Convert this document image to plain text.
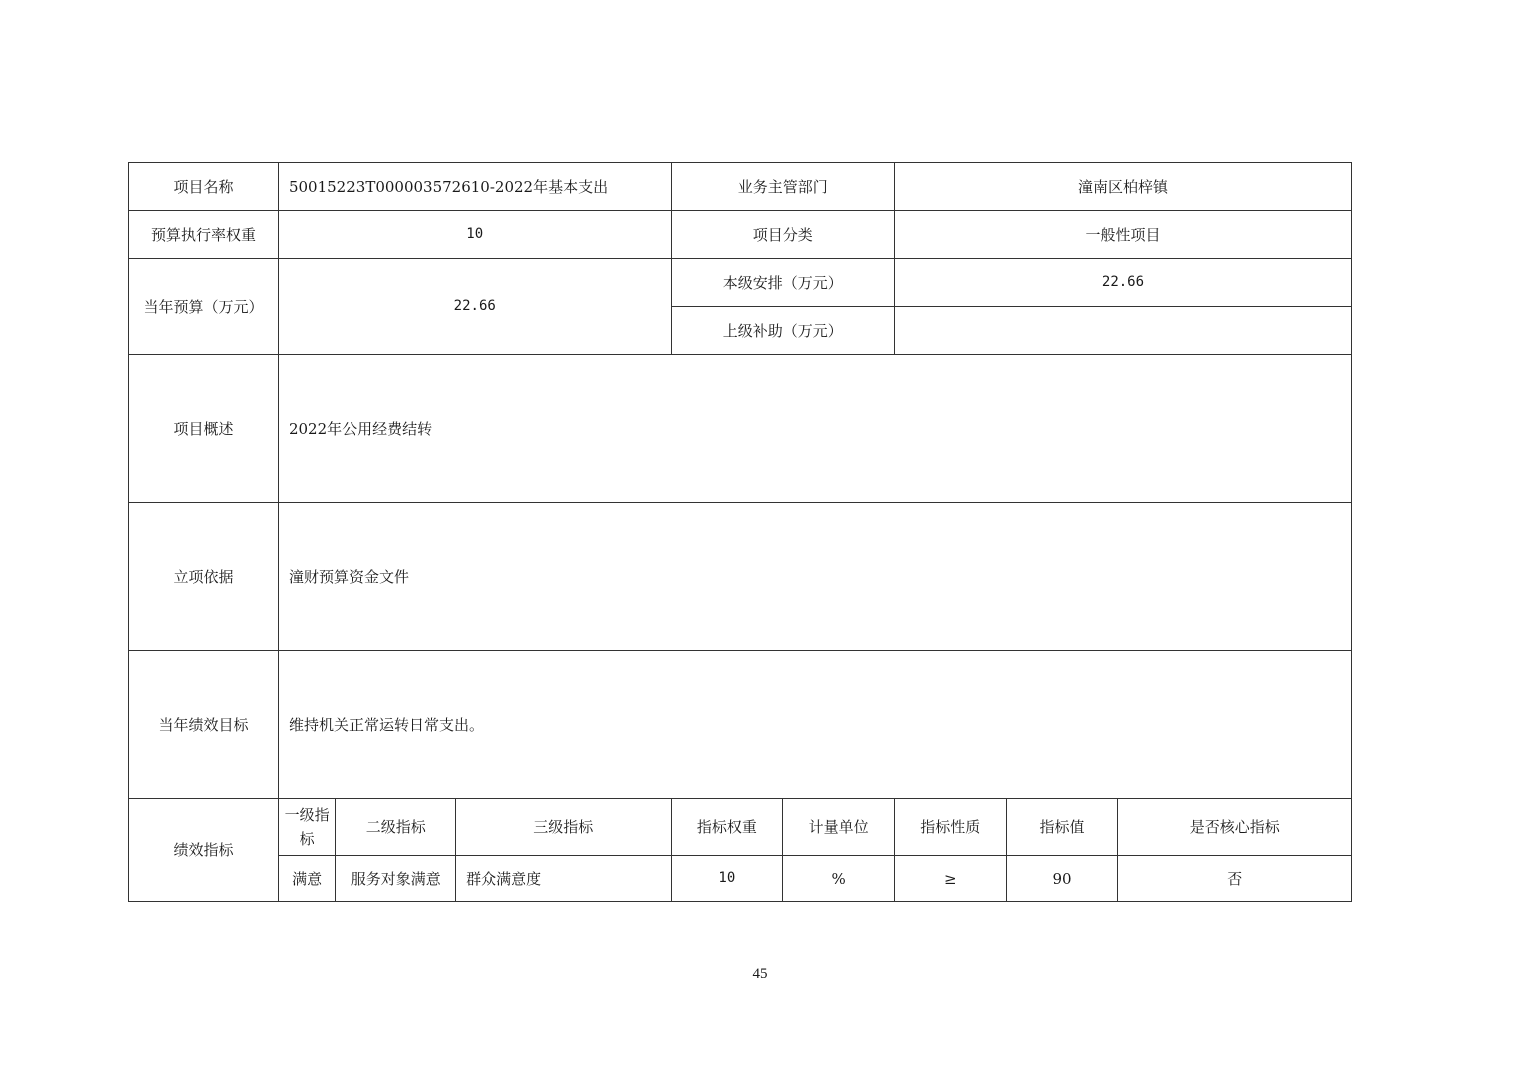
项目名称	50015223T000003572610-2022年基本支出			业务主管部门		潼南区柏梓镇		
预算执行率权重	10			项目分类		一般性项目		
当年预算（万元）	22.66			本级安排（万元）		22.66		
				上级补助（万元）				
项目概述	2022年公用经费结转							
立项依据	潼财预算资金文件							
当年绩效目标	维持机关正常运转日常支出。							
绩效指标	一级指标	二级指标	三级指标	指标权重	计量单位	指标性质	指标值	是否核心指标
	满意	服务对象满意	群众满意度	10	%	≥	90	否
45
